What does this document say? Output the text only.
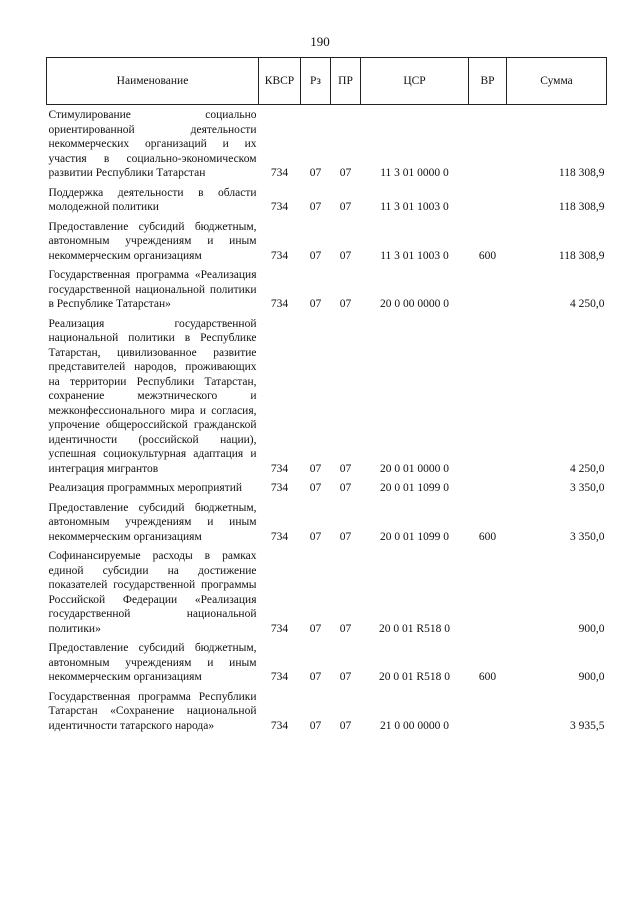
190
Наименование	КВСР	Рз	ПР	ЦСР	ВР	Сумма
Стимулирование социально ориентированной деятельности некоммерческих организаций и их участия в социально-экономическом развитии Республики Татарстан	734	07	07	11 3 01 0000 0		118 308,9
Поддержка деятельности в области молодежной политики	734	07	07	11 3 01 1003 0		118 308,9
Предоставление субсидий бюджетным, автономным учреждениям и иным некоммерческим организациям	734	07	07	11 3 01 1003 0	600	118 308,9
Государственная программа «Реализация государственной национальной политики в Республике Татарстан»	734	07	07	20 0 00 0000 0		4 250,0
Реализация государственной национальной политики в Республике Татарстан, цивилизованное развитие представителей народов, проживающих на территории Республики Татарстан, сохранение межэтнического и межконфессионального мира и согласия, упрочение общероссийской гражданской идентичности (российской нации), успешная социокультурная адаптация и интеграция мигрантов	734	07	07	20 0 01 0000 0		4 250,0
Реализация программных мероприятий	734	07	07	20 0 01 1099 0		3 350,0
Предоставление субсидий бюджетным, автономным учреждениям и иным некоммерческим организациям	734	07	07	20 0 01 1099 0	600	3 350,0
Софинансируемые расходы в рамках единой субсидии на достижение показателей государственной программы Российской Федерации «Реализация государственной национальной политики»	734	07	07	20 0 01 R518 0		900,0
Предоставление субсидий бюджетным, автономным учреждениям и иным некоммерческим организациям	734	07	07	20 0 01 R518 0	600	900,0
Государственная программа Республики Татарстан «Сохранение национальной идентичности татарского народа»	734	07	07	21 0 00 0000 0		3 935,5
